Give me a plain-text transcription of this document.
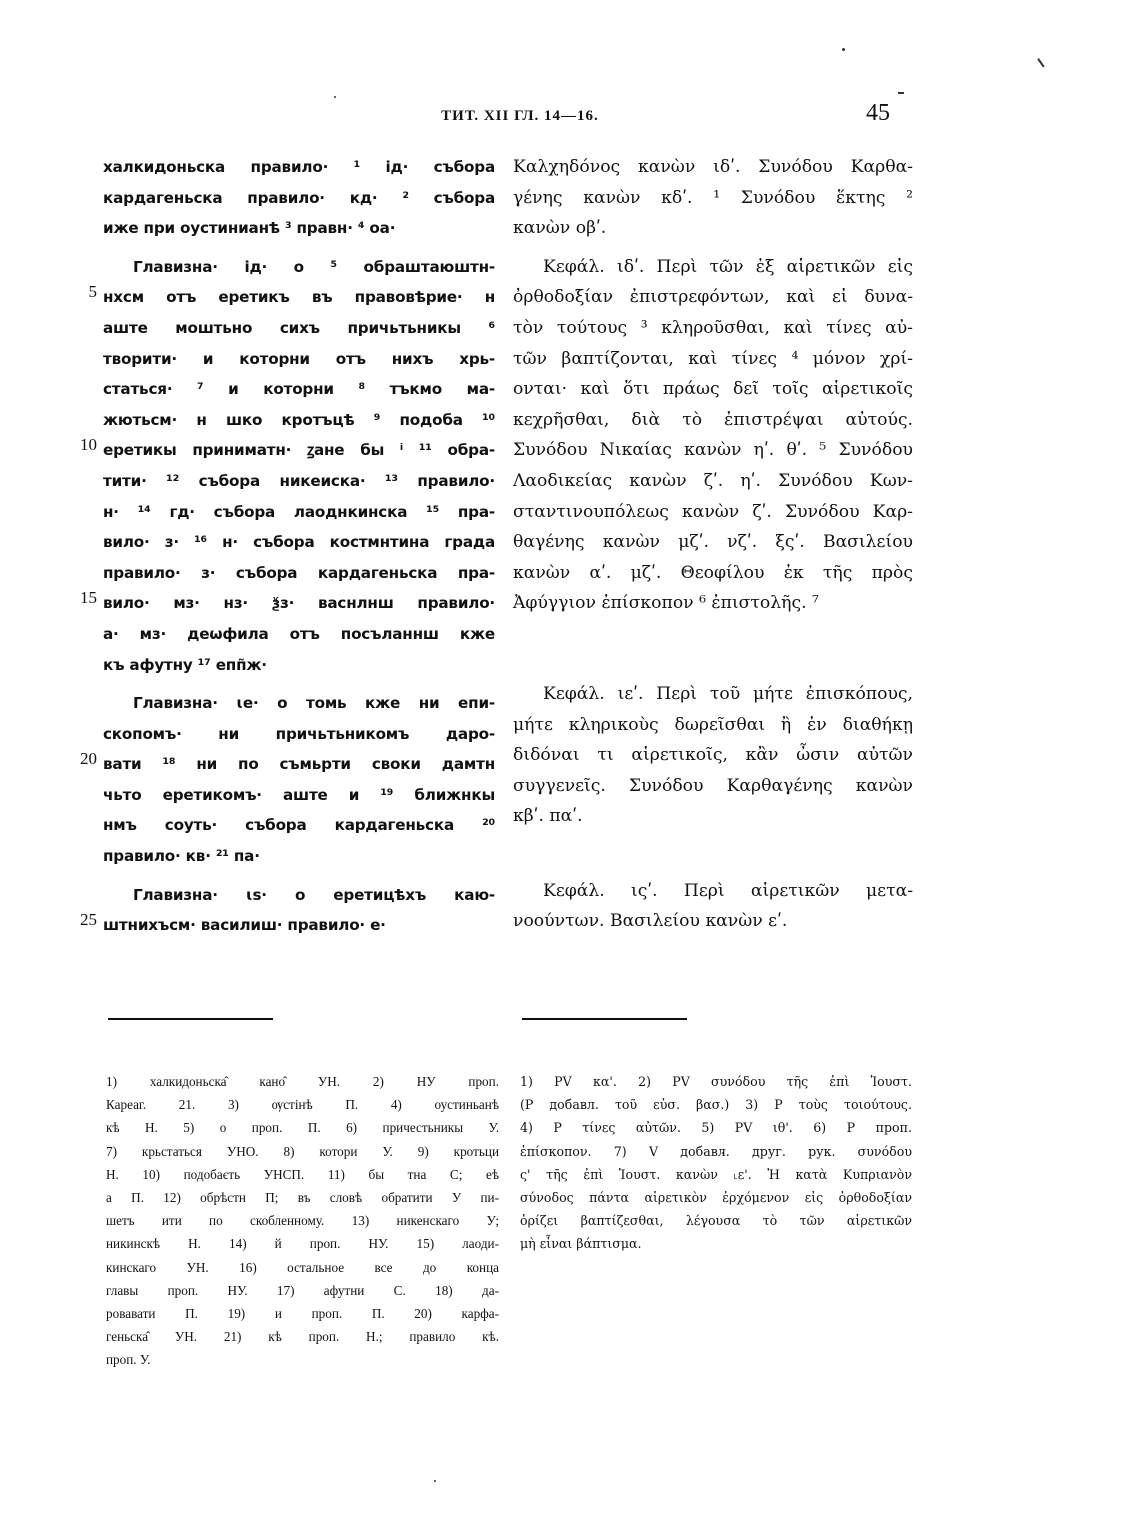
ТИТ. XII ГЛ. 14—16.	45
халкидоньска правило· ¹ ід· събора
кардагеньска правило· кд· ² събора
иже при оустинианѣ ³ правн· ⁴ оа·
Главизна· ід· о ⁵ обраштаюштн-
5 нхсм отъ еретикъ въ правовѣрие· н
аште моштьно сихъ причьтьникы ⁶
творити· и которни отъ нихъ хрь-
статься· ⁷ и которни ⁸ тъкмо ма-
жютьсм· н шко кротъцѣ ⁹ подоба ¹⁰
10 еретикы приниматн· ꙁане бы ⁱ ¹¹ обра-
тити· ¹² събора никеиска· ¹³ правило·
н· ¹⁴ гд· събора лаоднкинска ¹⁵ пра-
вило· з· ¹⁶ н· събора костмнтина града
правило· з· събора кардагеньска пра-
15 вило· мз· нз· ѯз· васнлнш правило·
а· мз· деѡфила отъ посъланнш кже
къ афутну ¹⁷ епп̃ж·
Главизна· ꙇе· о томь кже ни епи-
скопомъ· ни причьтьникомъ даро-
20 вати ¹⁸ ни по съмьрти своки дамтн
чьто еретикомъ· аште и ¹⁹ ближнкы
нмъ соуть· събора кардагеньска ²⁰
правило· кв· ²¹ па·
Главизна· ꙇѕ· о еретицѣхъ каю-
25 штнихъсм· василиш· правило· е·
Καλχηδόνος κανὼν ιδʹ. Συνόδου Καρθα-
γένης κανὼν κδʹ. ¹ Συνόδου ἕκτης ²
κανὼν οβʹ.
Κεφάλ. ιδʹ. Περὶ τῶν ἐξ αἱρετικῶν εἰς
ὀρθοδοξίαν ἐπιστρεφόντων, καὶ εἰ δυνα-
τὸν τούτους ³ κληροῦσθαι, καὶ τίνες αὐ-
τῶν βαπτίζονται, καὶ τίνες ⁴ μόνον χρί-
ονται· καὶ ὅτι πράως δεῖ τοῖς αἱρετικοῖς
κεχρῆσθαι, διὰ τὸ ἐπιστρέψαι αὐτούς.
Συνόδου Νικαίας κανὼν ηʹ. θʹ. ⁵ Συνόδου
Λαοδικείας κανὼν ζʹ. ηʹ. Συνόδου Κων-
σταντινουπόλεως κανὼν ζʹ. Συνόδου Καρ-
θαγένης κανὼν μζʹ. νζʹ. ξςʹ. Βασιλείου
κανὼν αʹ. μζʹ. Θεοφίλου ἐκ τῆς πρὸς
Ἀφύγγιον ἐπίσκοπον ⁶ ἐπιστολῆς. ⁷
Κεφάλ. ιεʹ. Περὶ τοῦ μήτε ἐπισκόπους,
μήτε κληρικοὺς δωρεῖσθαι ἢ ἐν διαθήκῃ
διδόναι τι αἱρετικοῖς, κἂν ὦσιν αὐτῶν
συγγενεῖς. Συνόδου Καρθαγένης κανὼν
κβʹ. παʹ.
Κεφάλ. ιςʹ. Περὶ αἱρετικῶν μετα-
νοούντων. Βασιλείου κανὼν εʹ.
1) халкидоньска̂ кано̂ УН. 2) НУ проп.
Кареаг. 21. 3) ѹстінѣ П. 4) оустиньанѣ
кѣ Н. 5) о проп. П. 6) причестьникы У.
7) крьстаться УНО. 8) котори У. 9) кротьци
Н. 10) подобаєть УНСП. 11) бы тна С; еѣ
а П. 12) обрѣстн П; въ словѣ обратити У пи-
шетъ ити по скобленному. 13) никенскаго У;
никинскѣ Н. 14) й проп. НУ. 15) лаоди-
кинскаго УН. 16) остальное все до конца
главы проп. НУ. 17) афутни С. 18) да-
ровавати П. 19) и проп. П. 20) карфа-
геньска̂ УН. 21) кѣ проп. Н.; правило кѣ.
проп. У.
1) PV κα'. 2) PV συνόδου τῆς ἐπὶ Ἰουστ.
(Р добавл. τοῦ εὐσ. βασ.) 3) Р τοὺς τοιούτους.
4) Р τίνες αὐτῶν. 5) PV ιθ'. 6) Р проп.
ἐπίσκοπον. 7) V добавл. друг. рук. συνόδου
ς' τῆς ἐπὶ Ἰουστ. κανὼν ˪ε'. Ἡ κατὰ Κυπριανὸν
σύνοδος πάντα αἱρετικὸν ἐρχόμενον εἰς ὀρθοδοξίαν
ὁρίζει βαπτίζεσθαι, λέγουσα τὸ τῶν αἱρετικῶν
μὴ εἶναι βάπτισμα.
